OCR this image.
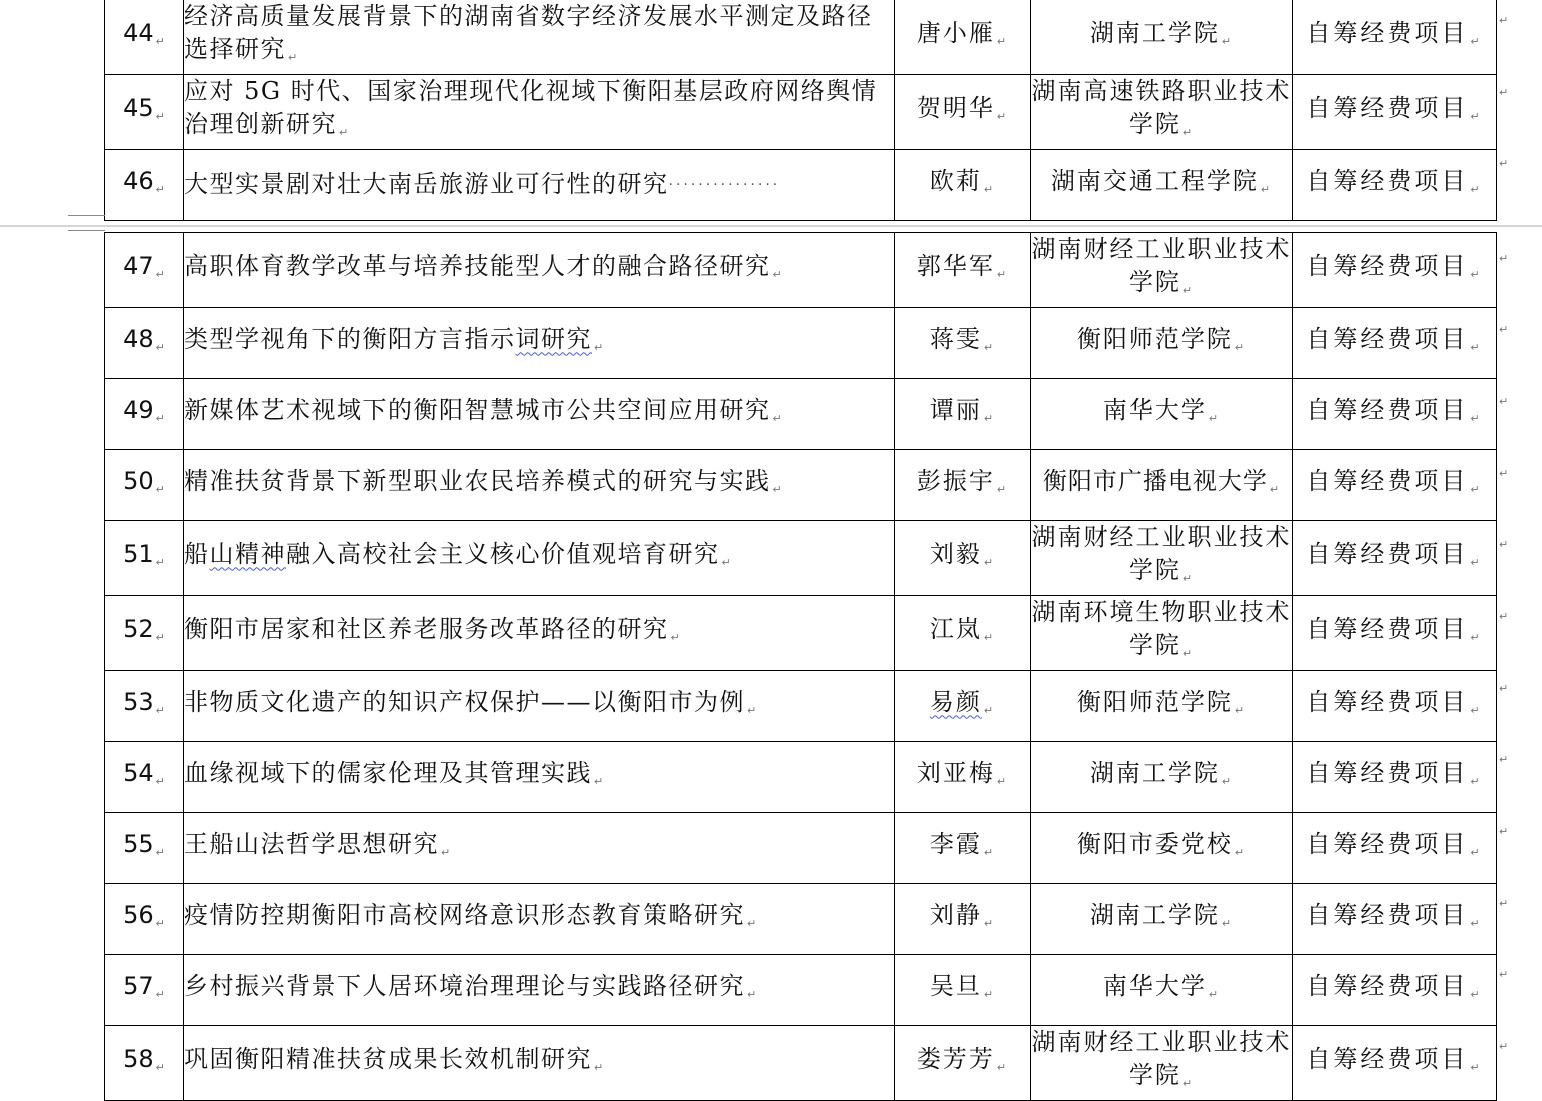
44 ↵	经济高质量发展背景下的湖南省数字经济发展水平测定及路径选择研究 ↵	唐小雁 ↵	湖南工学院 ↵	自筹经费项目 ↵
45 ↵	应对 5G 时代、国家治理现代化视域下衡阳基层政府网络舆情治理创新研究 ↵	贺明华 ↵	湖南高速铁路职业技术学院 ↵	自筹经费项目 ↵
46 ↵	大型实景剧对壮大南岳旅游业可行性的研究···············	欧莉 ↵	湖南交通工程学院 ↵	自筹经费项目 ↵
↵
↵
↵
47 ↵	高职体育教学改革与培养技能型人才的融合路径研究 ↵	郭华军 ↵	湖南财经工业职业技术学院 ↵	自筹经费项目 ↵
48 ↵	类型学视角下的衡阳方言指示词研究 ↵	蒋雯 ↵	衡阳师范学院 ↵	自筹经费项目 ↵
49 ↵	新媒体艺术视域下的衡阳智慧城市公共空间应用研究 ↵	谭丽 ↵	南华大学 ↵	自筹经费项目 ↵
50 ↵	精准扶贫背景下新型职业农民培养模式的研究与实践 ↵	彭振宇 ↵	衡阳市广播电视大学 ↵	自筹经费项目 ↵
51 ↵	船山精神融入高校社会主义核心价值观培育研究 ↵	刘毅 ↵	湖南财经工业职业技术学院 ↵	自筹经费项目 ↵
52 ↵	衡阳市居家和社区养老服务改革路径的研究 ↵	江岚 ↵	湖南环境生物职业技术学院 ↵	自筹经费项目 ↵
53 ↵	非物质文化遗产的知识产权保护——以衡阳市为例 ↵	易颜 ↵	衡阳师范学院 ↵	自筹经费项目 ↵
54 ↵	血缘视域下的儒家伦理及其管理实践 ↵	刘亚梅 ↵	湖南工学院 ↵	自筹经费项目 ↵
55 ↵	王船山法哲学思想研究 ↵	李霞 ↵	衡阳市委党校 ↵	自筹经费项目 ↵
56 ↵	疫情防控期衡阳市高校网络意识形态教育策略研究 ↵	刘静 ↵	湖南工学院 ↵	自筹经费项目 ↵
57 ↵	乡村振兴背景下人居环境治理理论与实践路径研究 ↵	吴旦 ↵	南华大学 ↵	自筹经费项目 ↵
58 ↵	巩固衡阳精准扶贫成果长效机制研究 ↵	娄芳芳 ↵	湖南财经工业职业技术学院 ↵	自筹经费项目 ↵
↵
↵
↵
↵
↵
↵
↵
↵
↵
↵
↵
↵
